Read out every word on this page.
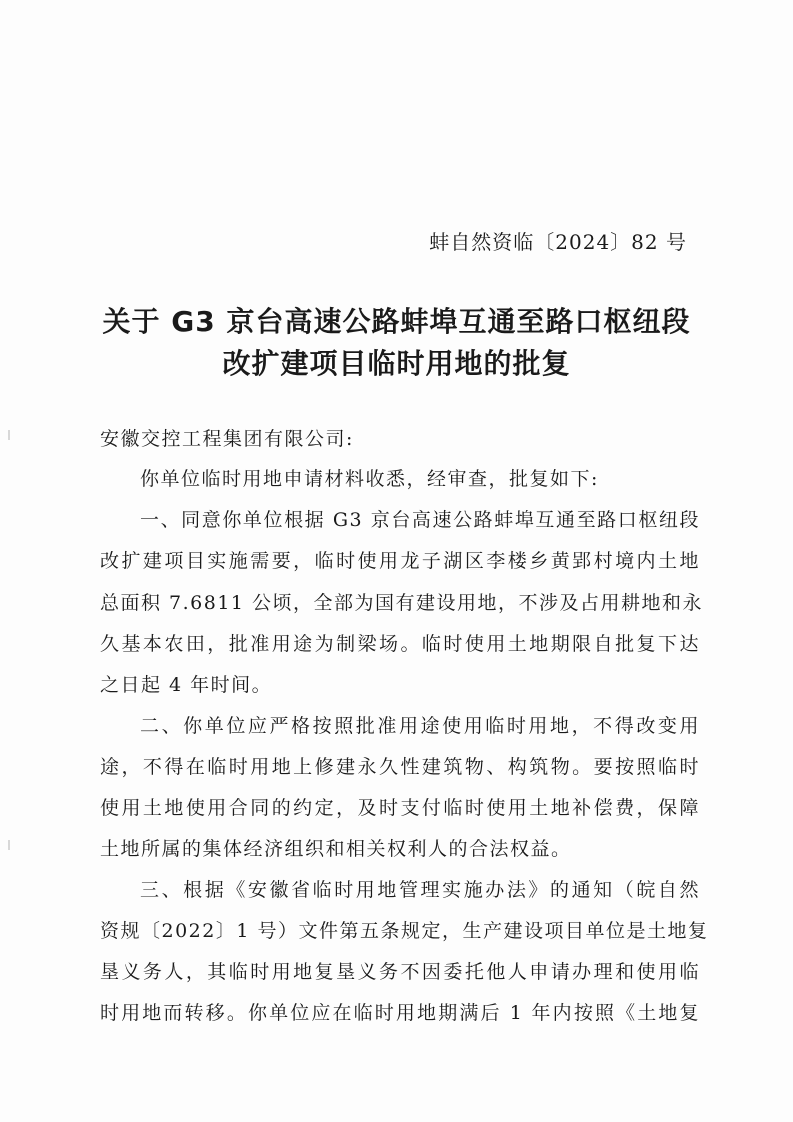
蚌自然资临〔2024〕82 号
关于 G3 京台高速公路蚌埠互通至路口枢纽段
改扩建项目临时用地的批复
安徽交控工程集团有限公司:
你单位临时用地申请材料收悉，经审查，批复如下:
一、同意你单位根据 G3 京台高速公路蚌埠互通至路口枢纽段
改扩建项目实施需要，临时使用龙子湖区李楼乡黄郢村境内土地
总面积 7.6811 公顷，全部为国有建设用地，不涉及占用耕地和永
久基本农田，批准用途为制梁场。临时使用土地期限自批复下达
之日起 4 年时间。
二、你单位应严格按照批准用途使用临时用地，不得改变用
途，不得在临时用地上修建永久性建筑物、构筑物。要按照临时
使用土地使用合同的约定，及时支付临时使用土地补偿费，保障
土地所属的集体经济组织和相关权利人的合法权益。
三、根据《安徽省临时用地管理实施办法》的通知（皖自然
资规〔2022〕1 号）文件第五条规定，生产建设项目单位是土地复
垦义务人，其临时用地复垦义务不因委托他人申请办理和使用临
时用地而转移。你单位应在临时用地期满后 1 年内按照《土地复
